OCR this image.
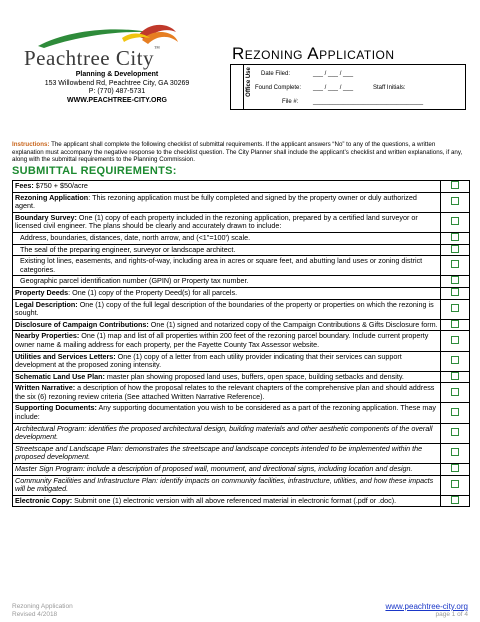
Peachtree City™
Planning & Development
153 Willowbend Rd, Peachtree City, GA 30269
P: (770) 487-5731
WWW.PEACHTREE-CITY.ORG
Rezoning Application
Office Use Date Filed:	___ / ___ / ___
Found Complete: ___ / ___ / ___	Staff Initials:
File #: _________________________________
Instructions: The applicant shall complete the following checklist of submittal requirements. If the applicant answers “No” to any of the questions, a written explanation must accompany the negative response to the checklist question. The City Planner shall include the applicant’s checklist and written explanations, if any, along with the submittal requirements to the Planning Commission.
SUBMITTAL REQUIREMENTS:
Fees: $750 + $50/acre	
Rezoning Application: This rezoning application must be fully completed and signed by the property owner or duly authorized agent.	
Boundary Survey: One (1) copy of each property included in the rezoning application, prepared by a certified land surveyor or licensed civil engineer. The plans should be clearly and accurately drawn to include:	
Address, boundaries, distances, date, north arrow, and (<1"=100') scale.	
The seal of the preparing engineer, surveyor or landscape architect.	
Existing lot lines, easements, and rights-of-way, including area in acres or square feet, and abutting land uses or zoning district categories.	
Geographic parcel identification number (GPIN) or Property tax number.	
Property Deeds: One (1) copy of the Property Deed(s) for all parcels.	
Legal Description: One (1) copy of the full legal description of the boundaries of the property or properties on which the rezoning is sought.	
Disclosure of Campaign Contributions: One (1) signed and notarized copy of the Campaign Contributions & Gifts Disclosure form.	
Nearby Properties: One (1) map and list of all properties within 200 feet of the rezoning parcel boundary. Include current property owner name & mailing address for each property, per the Fayette County Tax Assessor website.	
Utilities and Services Letters: One (1) copy of a letter from each utility provider indicating that their services can support development at the proposed zoning intensity.	
Schematic Land Use Plan: master plan showing proposed land uses, buffers, open space, building setbacks and density.	
Written Narrative: a description of how the proposal relates to the relevant chapters of the comprehensive plan and should address the six (6) rezoning review criteria (See attached Written Narrative Reference).	
Supporting Documents: Any supporting documentation you wish to be considered as a part of the rezoning application. These may include:	
Architectural Program: identifies the proposed architectural design, building materials and other aesthetic components of the overall development.	
Streetscape and Landscape Plan: demonstrates the streetscape and landscape concepts intended to be implemented within the proposed development.	
Master Sign Program: include a description of proposed wall, monument, and directional signs, including location and design.	
Community Facilities and Infrastructure Plan: identify impacts on community facilities, infrastructure, utilities, and how these impacts will be mitigated.	
Electronic Copy: Submit one (1) electronic version with all above referenced material in electronic format (.pdf or .doc).	
Rezoning Application
Revised 4/2018
www.peachtree-city.org
page 1 of 4
